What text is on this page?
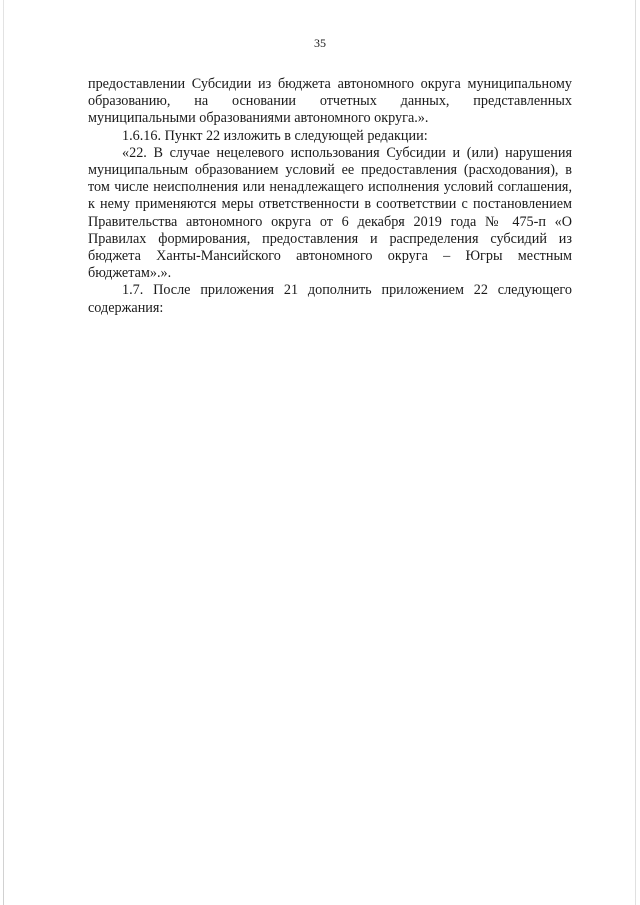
35

предоставлении Субсидии из бюджета автономного округа муниципальному образованию, на основании отчетных данных, представленных муниципальными образованиями автономного округа.».

1.6.16. Пункт 22 изложить в следующей редакции:

«22. В случае нецелевого использования Субсидии и (или) нарушения муниципальным образованием условий ее предоставления (расходования), в том числе неисполнения или ненадлежащего исполнения условий соглашения, к нему применяются меры ответственности в соответствии с постановлением Правительства автономного округа от 6 декабря 2019 года № 475-п «О Правилах формирования, предоставления и распределения субсидий из бюджета Ханты-Мансийского автономного округа – Югры местным бюджетам».».

1.7. После приложения 21 дополнить приложением 22 следующего содержания:
